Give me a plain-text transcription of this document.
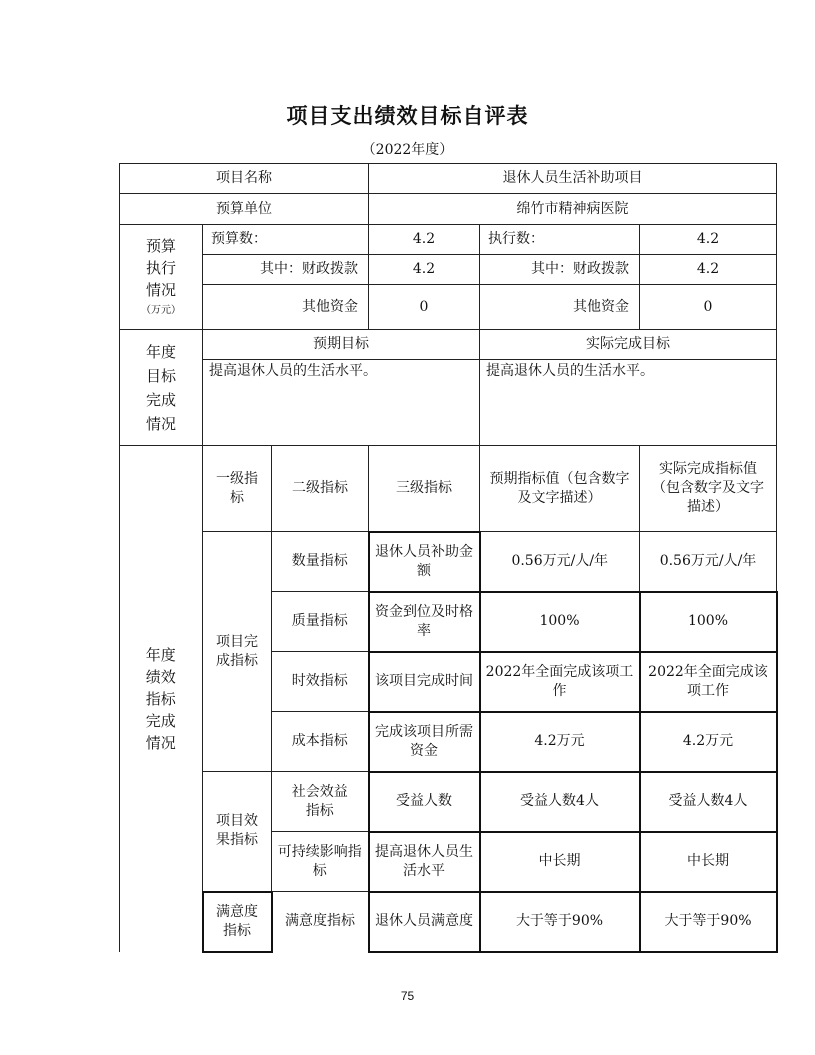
项目支出绩效目标自评表
（2022年度）
项目名称			退休人员生活补助项目		
预算单位			绵竹市精神病医院		

预算执行情况
（万元）	预算数：		4.2	执行数：	4.2
	其中：财政拨款		4.2	其中：财政拨款	4.2
	其他资金		0	其他资金	0

年度目标完成情况	预期目标			实际完成目标	
	提高退休人员的生活水平。			提高退休人员的生活水平。	

年度绩效指标完成情况	一级指标	二级指标	三级指标	预期指标值（包含数字及文字描述）	实际完成指标值（包含数字及文字描述）

	项目完成指标	数量指标	退休人员补助金额	0.56万元/人/年	0.56万元/人/年
		质量指标	资金到位及时格率	100%	100%
		时效指标	该项目完成时间	2022年全面完成该项工作	2022年全面完成该项工作

		成本指标	完成该项目所需资金	4.2万元	4.2万元

	项目效果指标	社会效益指标	受益人数	受益人数4人	受益人数4人

		可持续影响指标	提高退休人员生活水平	中长期	中长期

	满意度指标	满意度指标	退休人员满意度	大于等于90%	大于等于90%
75
